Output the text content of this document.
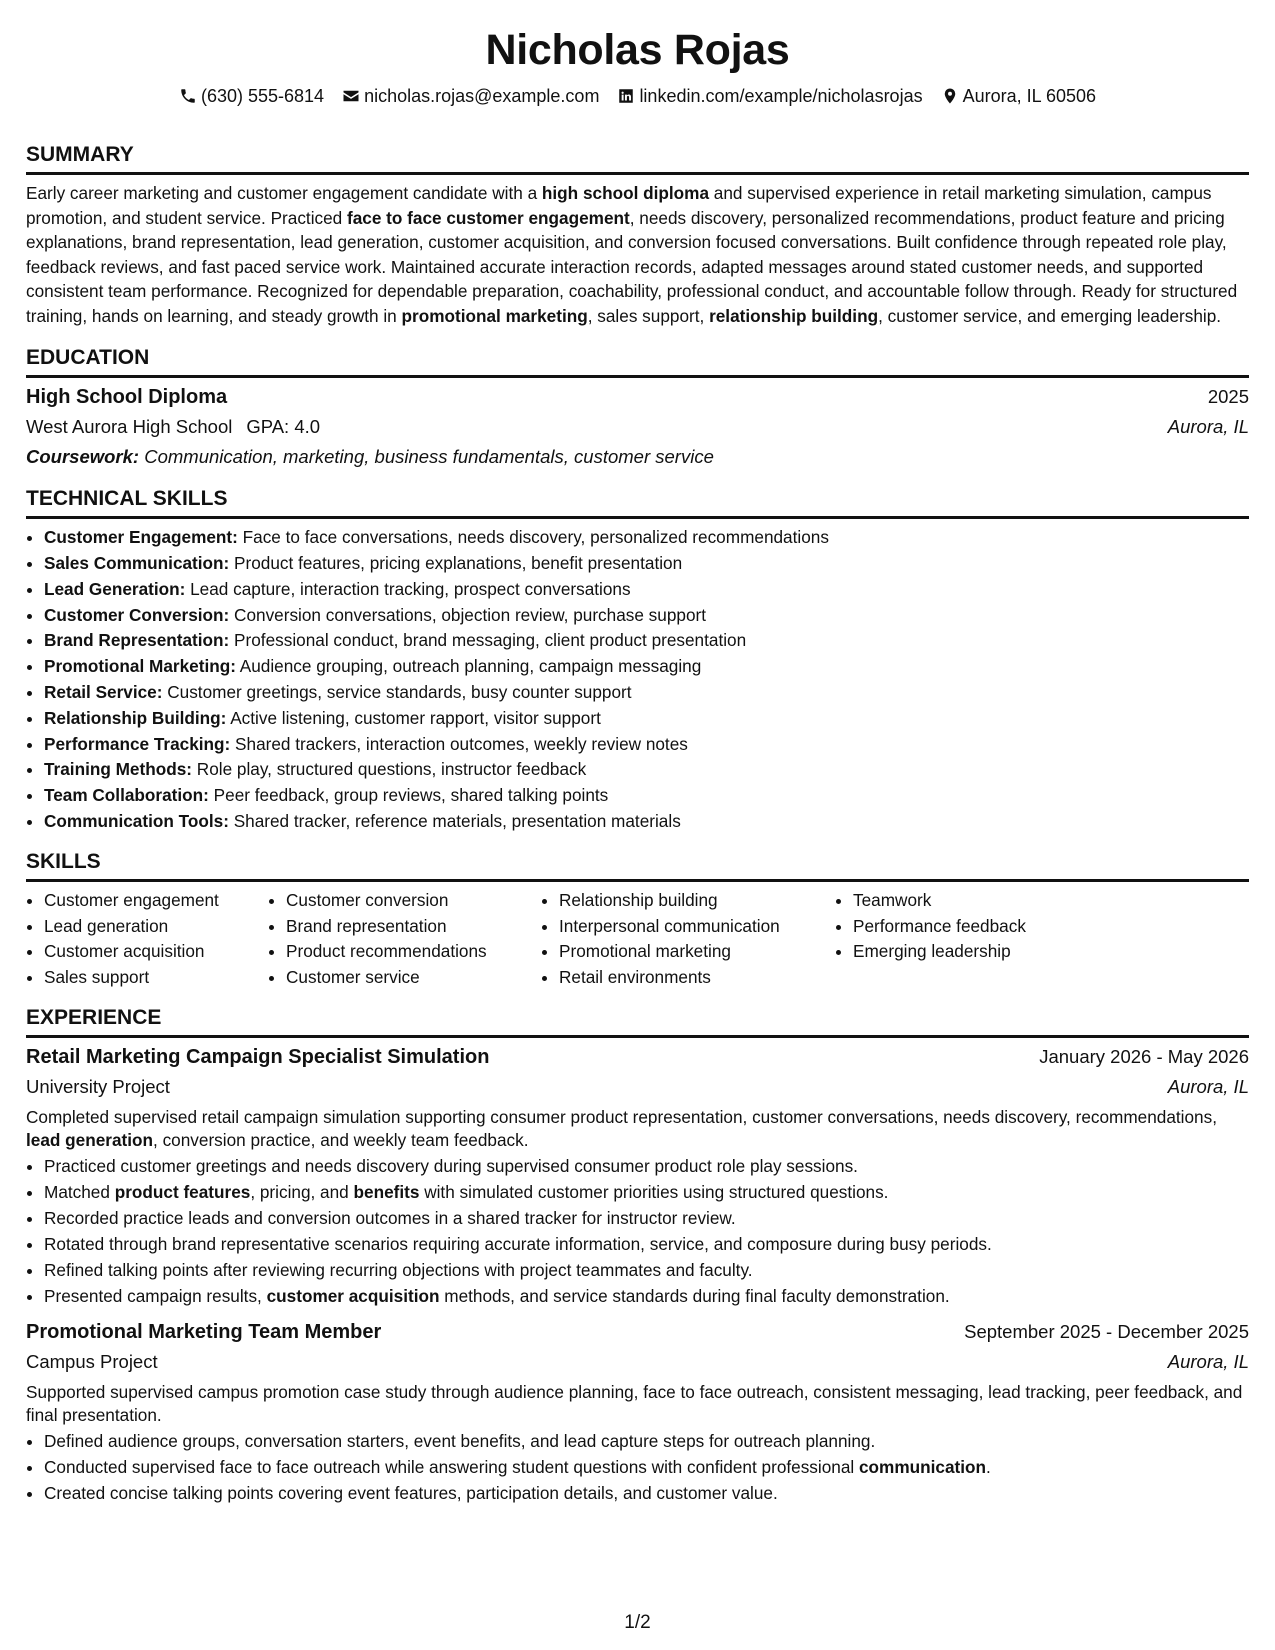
Nicholas Rojas
(630) 555-6814 nicholas.rojas@example.com linkedin.com/example/nicholasrojas Aurora, IL 60506
SUMMARY

Early career marketing and customer engagement candidate with a high school diploma and supervised experience in retail marketing simulation, campus promotion, and student service. Practiced face to face customer engagement, needs discovery, personalized recommendations, product feature and pricing explanations, brand representation, lead generation, customer acquisition, and conversion focused conversations. Built confidence through repeated role play, feedback reviews, and fast paced service work. Maintained accurate interaction records, adapted messages around stated customer needs, and supported consistent team performance. Recognized for dependable preparation, coachability, professional conduct, and accountable follow through. Ready for structured training, hands on learning, and steady growth in promotional marketing, sales support, relationship building, customer service, and emerging leadership.

EDUCATION
High School Diploma	2025
West Aurora High School GPA: 4.0	Aurora, IL
Coursework: Communication, marketing, business fundamentals, customer service
TECHNICAL SKILLS
• Customer Engagement: Face to face conversations, needs discovery, personalized recommendations
• Sales Communication: Product features, pricing explanations, benefit presentation
• Lead Generation: Lead capture, interaction tracking, prospect conversations
• Customer Conversion: Conversion conversations, objection review, purchase support
• Brand Representation: Professional conduct, brand messaging, client product presentation
• Promotional Marketing: Audience grouping, outreach planning, campaign messaging
• Retail Service: Customer greetings, service standards, busy counter support
• Relationship Building: Active listening, customer rapport, visitor support
• Performance Tracking: Shared trackers, interaction outcomes, weekly review notes
• Training Methods: Role play, structured questions, instructor feedback
• Team Collaboration: Peer feedback, group reviews, shared talking points
• Communication Tools: Shared tracker, reference materials, presentation materials
SKILLS
• Customer engagement
• Lead generation
• Customer acquisition
• Sales support
• Customer conversion
• Brand representation
• Product recommendations
• Customer service
• Relationship building
• Interpersonal communication
• Promotional marketing
• Retail environments
• Teamwork
• Performance feedback
• Emerging leadership
EXPERIENCE
Retail Marketing Campaign Specialist Simulation	January 2026 - May 2026
University Project	Aurora, IL
Completed supervised retail campaign simulation supporting consumer product representation, customer conversations, needs discovery, recommendations, lead generation, conversion practice, and weekly team feedback.
• Practiced customer greetings and needs discovery during supervised consumer product role play sessions.
• Matched product features, pricing, and benefits with simulated customer priorities using structured questions.
• Recorded practice leads and conversion outcomes in a shared tracker for instructor review.
• Rotated through brand representative scenarios requiring accurate information, service, and composure during busy periods.
• Refined talking points after reviewing recurring objections with project teammates and faculty.
• Presented campaign results, customer acquisition methods, and service standards during final faculty demonstration.
Promotional Marketing Team Member	September 2025 - December 2025
Campus Project	Aurora, IL
Supported supervised campus promotion case study through audience planning, face to face outreach, consistent messaging, lead tracking, peer feedback, and final presentation.
• Defined audience groups, conversation starters, event benefits, and lead capture steps for outreach planning.
• Conducted supervised face to face outreach while answering student questions with confident professional communication.
• Created concise talking points covering event features, participation details, and customer value.
1/2
